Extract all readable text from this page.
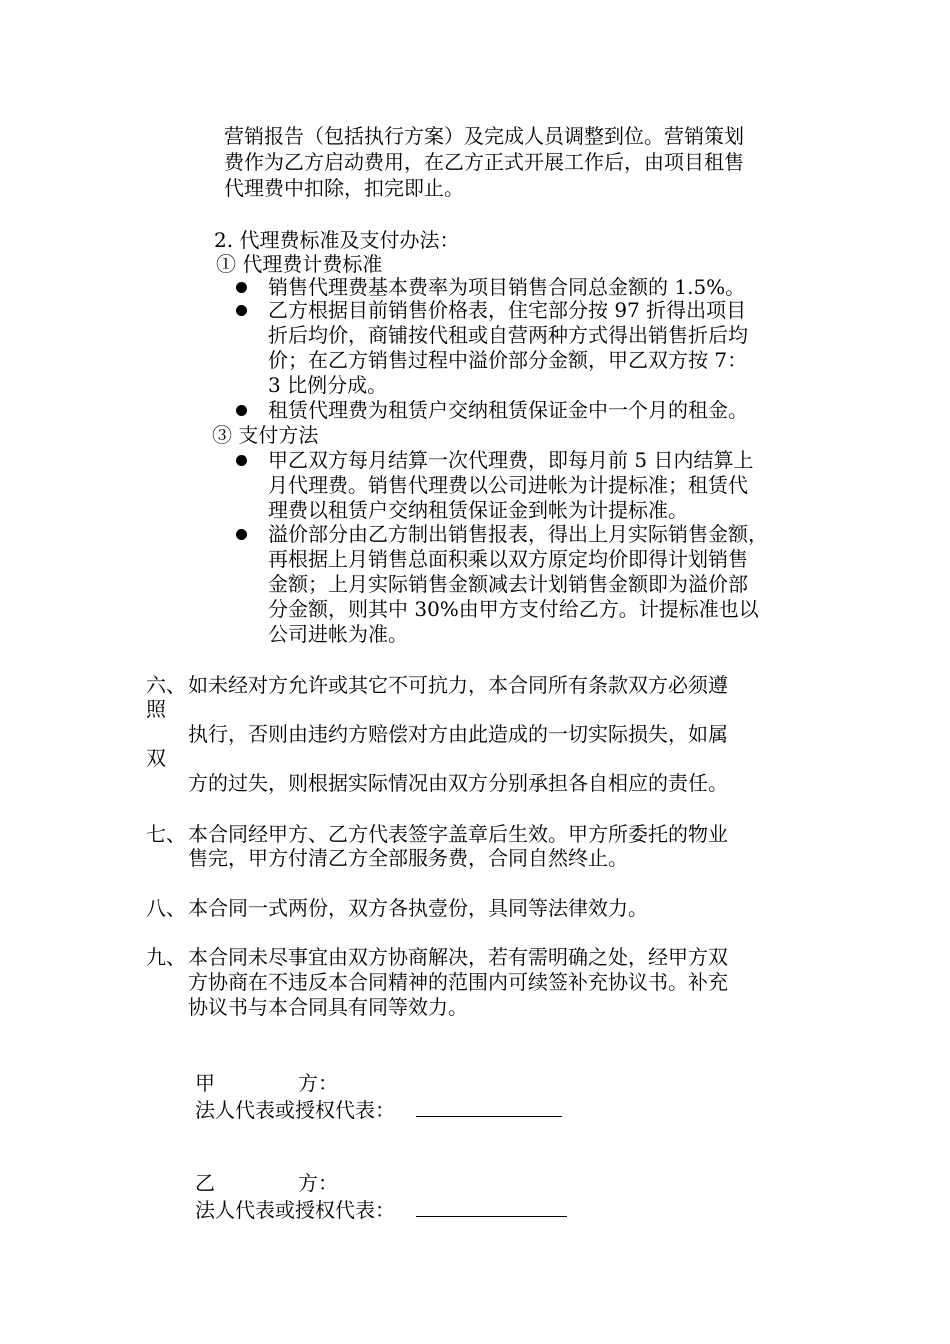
营销报告（包括执行方案）及完成人员调整到位。营销策划
费作为乙方启动费用，在乙方正式开展工作后，由项目租售
代理费中扣除，扣完即止。
2. 代理费标准及支付办法：
① 代理费计费标准
销售代理费基本费率为项目销售合同总金额的 1.5%。
乙方根据目前销售价格表，住宅部分按 97 折得出项目
折后均价，商铺按代租或自营两种方式得出销售折后均
价；在乙方销售过程中溢价部分金额，甲乙双方按 7：
3 比例分成。
租赁代理费为租赁户交纳租赁保证金中一个月的租金。
③ 支付方法
甲乙双方每月结算一次代理费，即每月前 5 日内结算上
月代理费。销售代理费以公司进帐为计提标准；租赁代
理费以租赁户交纳租赁保证金到帐为计提标准。
溢价部分由乙方制出销售报表，得出上月实际销售金额，
再根据上月销售总面积乘以双方原定均价即得计划销售
金额；上月实际销售金额减去计划销售金额即为溢价部
分金额，则其中 30%由甲方支付给乙方。计提标准也以
公司进帐为准。
六、 如未经对方允许或其它不可抗力，本合同所有条款双方必须遵
照
执行，否则由违约方赔偿对方由此造成的一切实际损失，如属
双
方的过失，则根据实际情况由双方分别承担各自相应的责任。
七、 本合同经甲方、乙方代表签字盖章后生效。甲方所委托的物业
售完，甲方付清乙方全部服务费，合同自然终止。
八、 本合同一式两份，双方各执壹份，具同等法律效力。
九、 本合同未尽事宜由双方协商解决，若有需明确之处，经甲方双
方协商在不违反本合同精神的范围内可续签补充协议书。补充
协议书与本合同具有同等效力。
甲	方：
法人代表或授权代表：
乙	方：
法人代表或授权代表：
